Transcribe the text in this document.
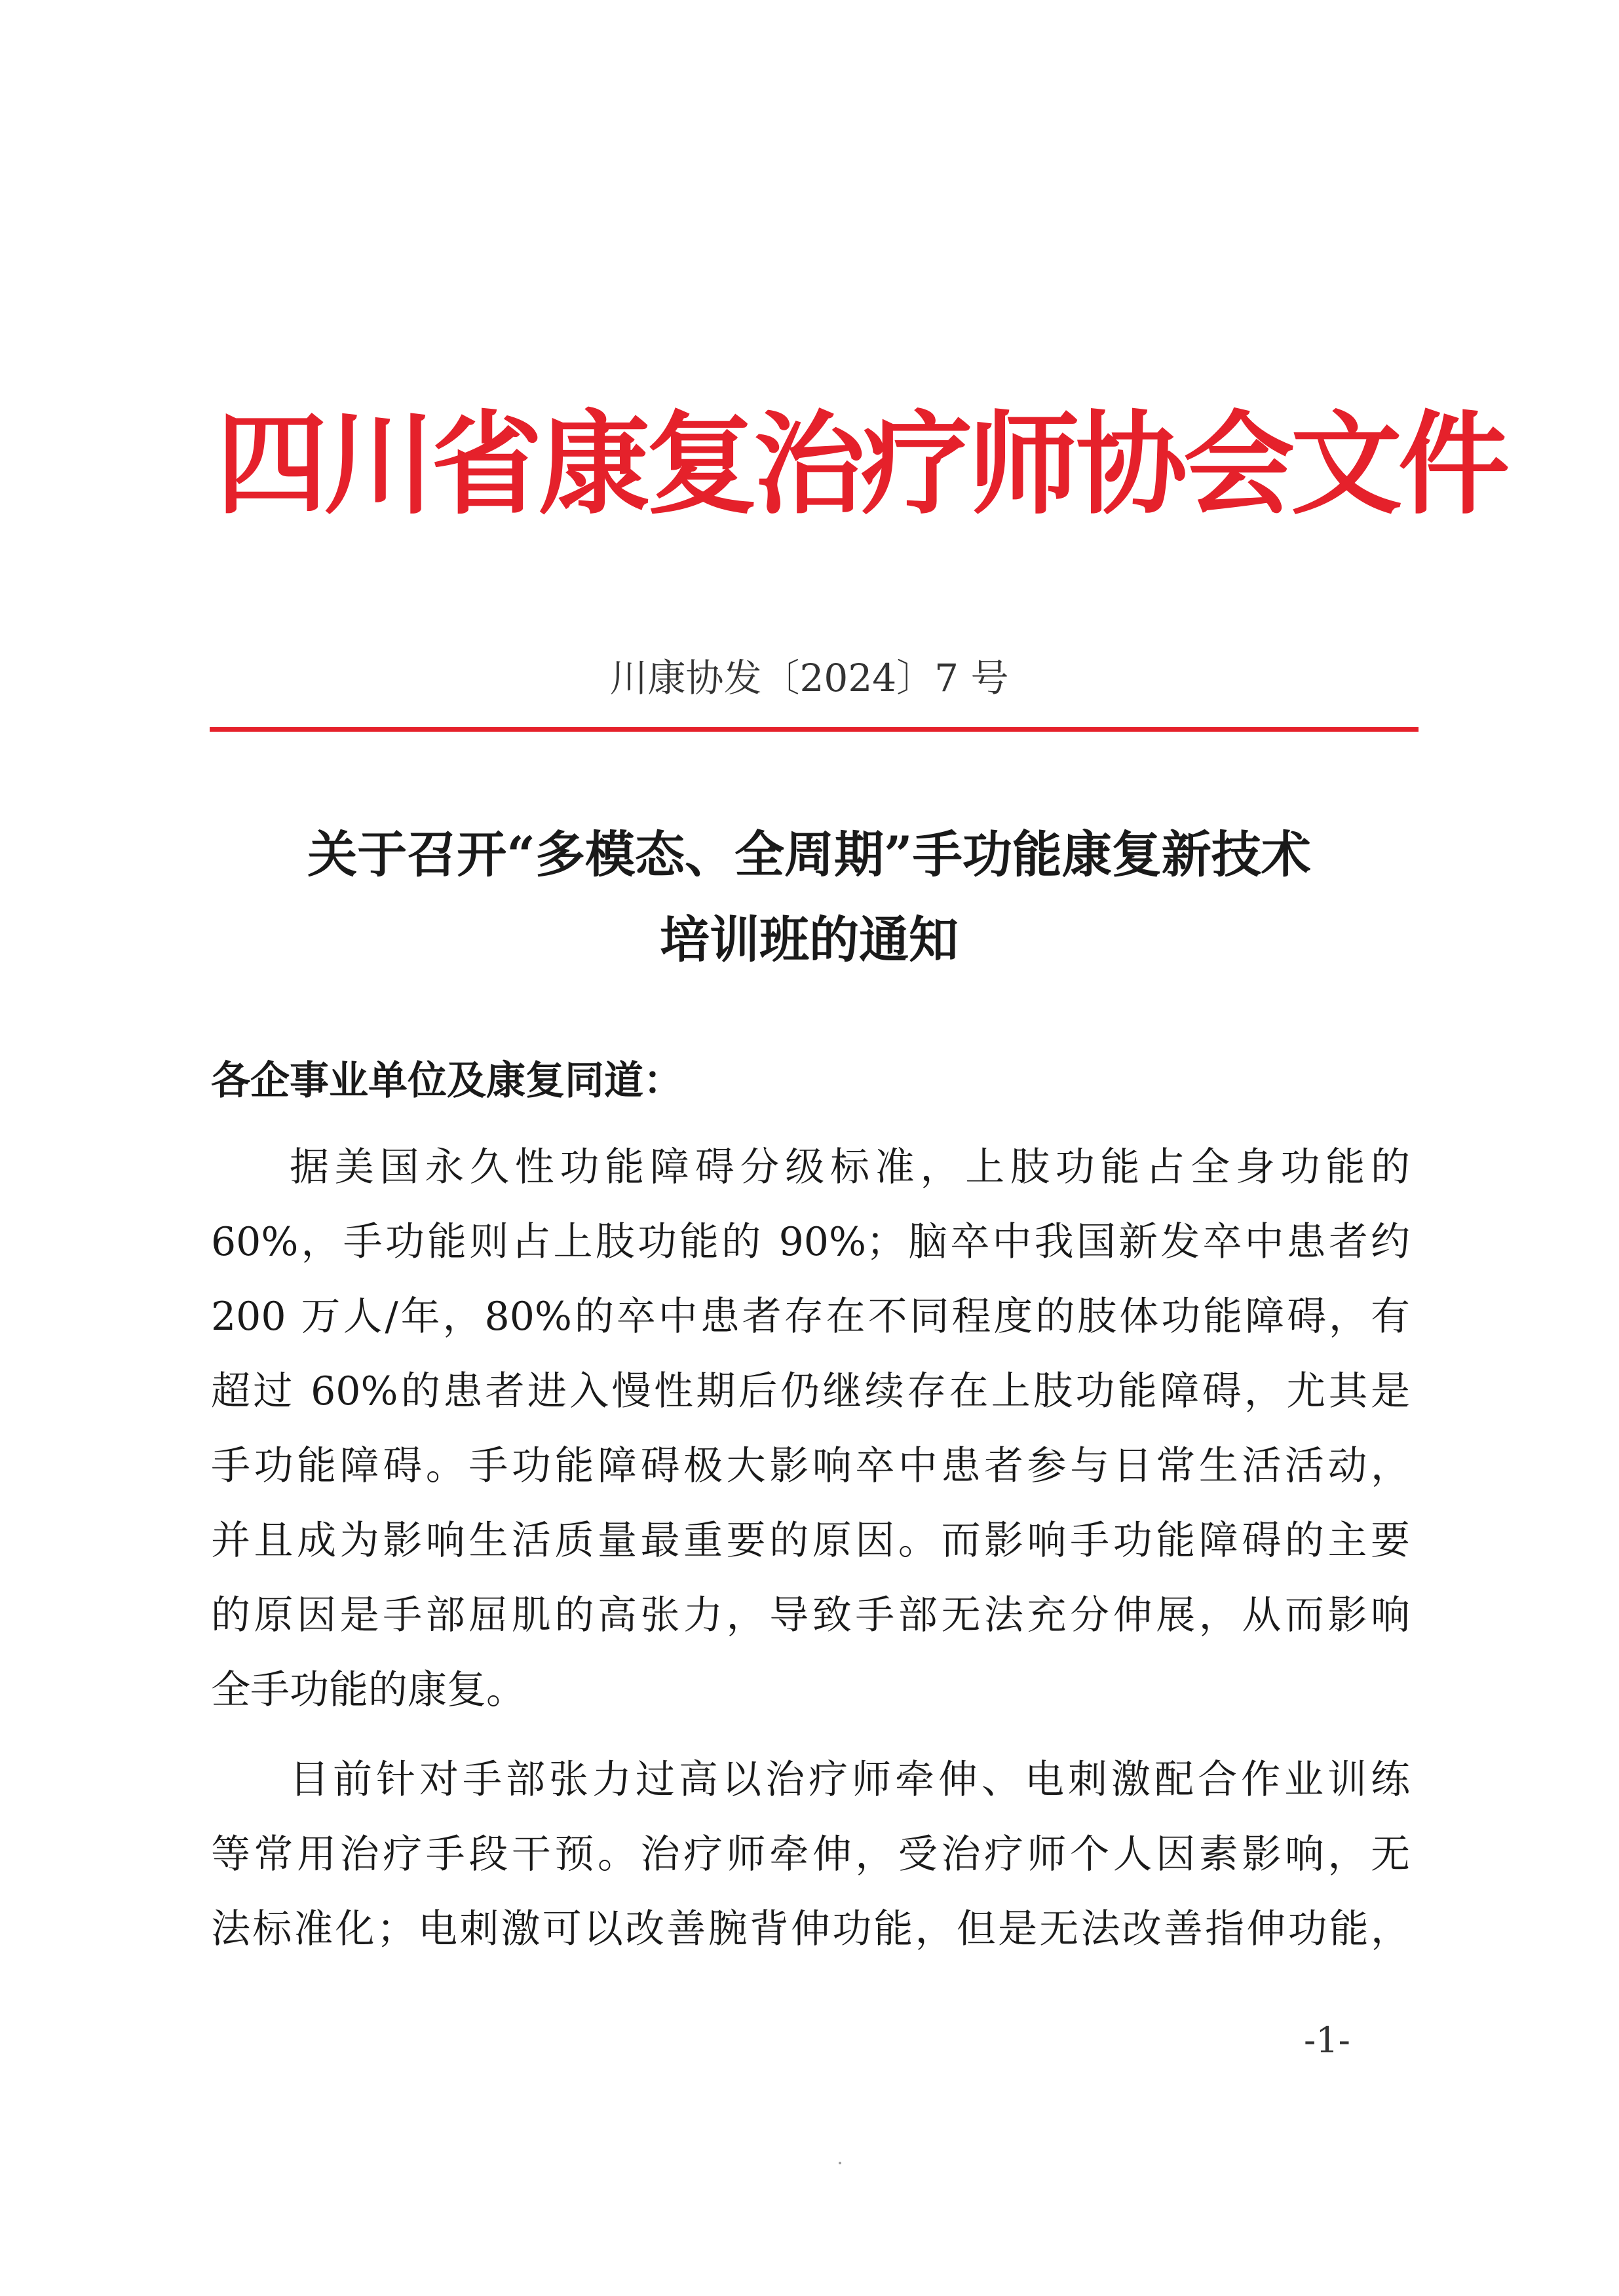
四川省康复治疗师协会文件
川康协发〔2024〕7 号
关于召开“多模态、全周期”手功能康复新技术
培训班的通知
各企事业单位及康复同道：
据美国永久性功能障碍分级标准，上肢功能占全身功能的
60%，手功能则占上肢功能的 90%；脑卒中我国新发卒中患者约
200 万人/年，80%的卒中患者存在不同程度的肢体功能障碍，有
超过 60%的患者进入慢性期后仍继续存在上肢功能障碍，尤其是
手功能障碍。手功能障碍极大影响卒中患者参与日常生活活动，
并且成为影响生活质量最重要的原因。而影响手功能障碍的主要
的原因是手部屈肌的高张力，导致手部无法充分伸展，从而影响
全手功能的康复。
目前针对手部张力过高以治疗师牵伸、电刺激配合作业训练
等常用治疗手段干预。治疗师牵伸，受治疗师个人因素影响，无
法标准化；电刺激可以改善腕背伸功能，但是无法改善指伸功能，
-1-
